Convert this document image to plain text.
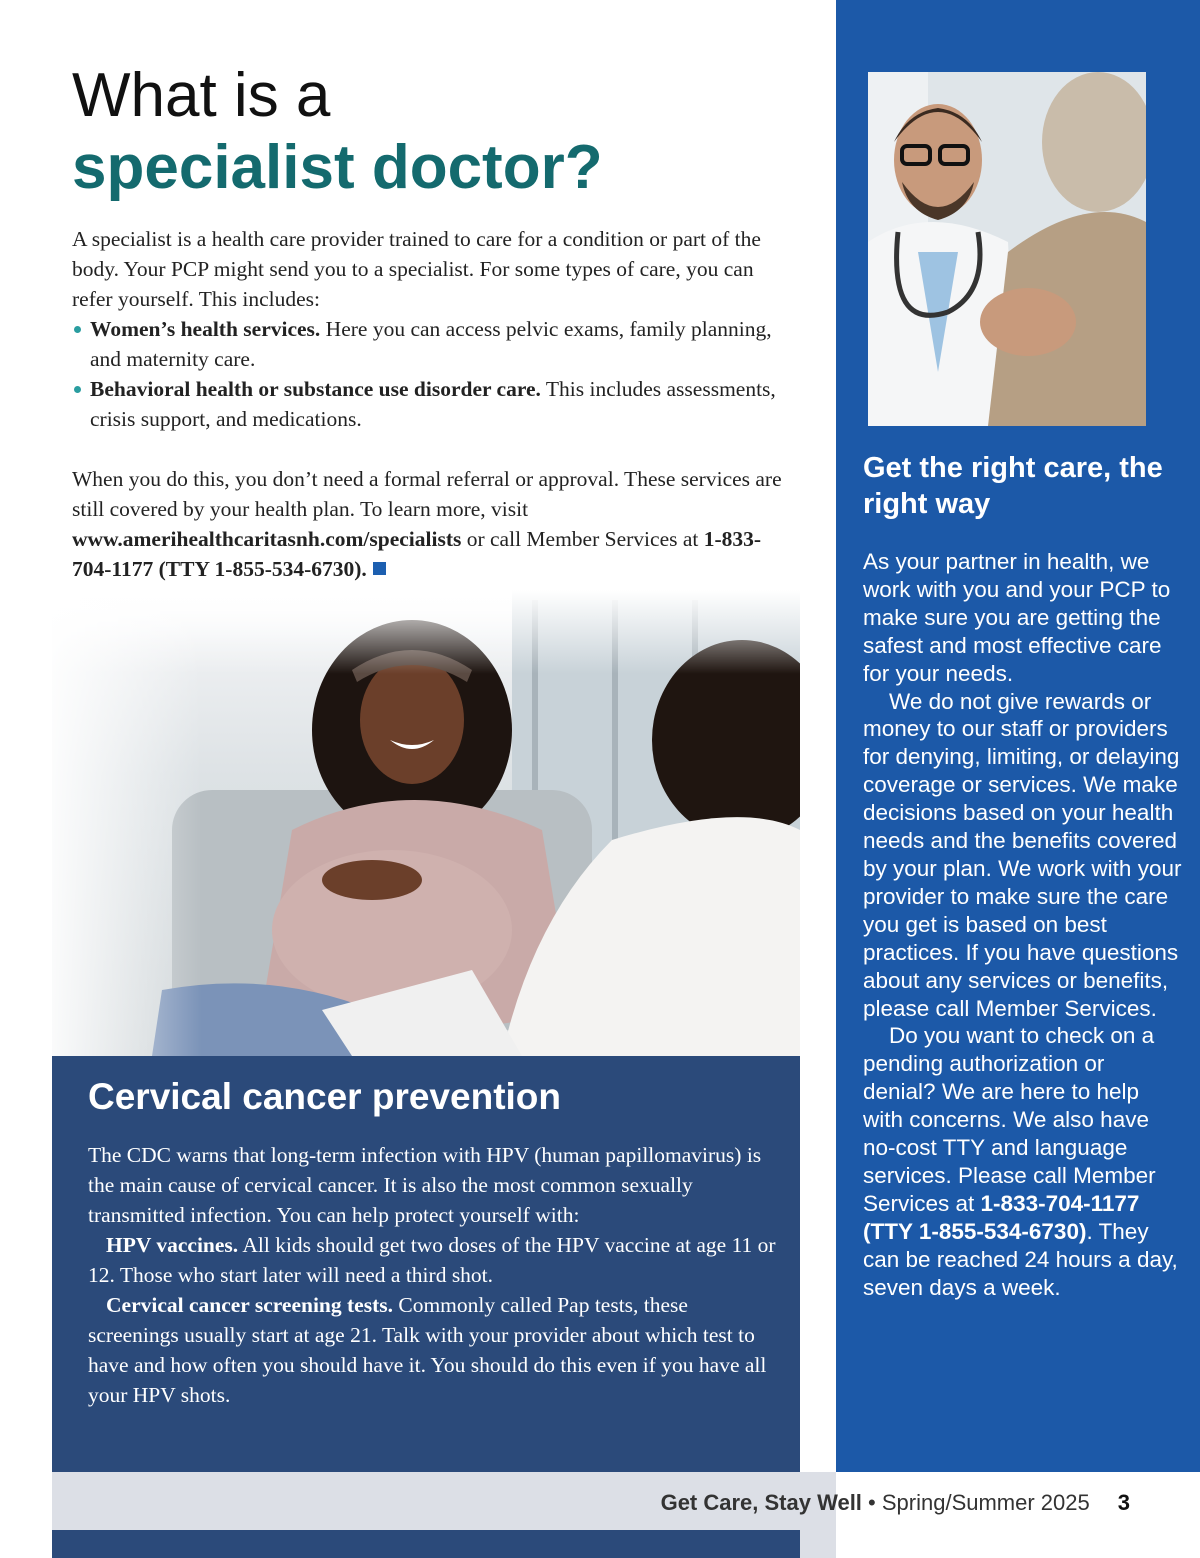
What is a
specialist doctor?

A specialist is a health care provider trained to care for a condition or part of the body. Your PCP might send you to a specialist. For some types of care, you can refer yourself. This includes:

Women’s health services. Here you can access pelvic exams, family planning, and maternity care.
Behavioral health or substance use disorder care. This includes assessments, crisis support, and medications.

When you do this, you don’t need a formal referral or approval. These services are still covered by your health plan. To learn more, visit www.amerihealthcaritasnh.com/specialists or call Member Services at 1-833-704-1177 (TTY 1-855-534-6730).

Cervical cancer prevention

The CDC warns that long-term infection with HPV (human papillomavirus) is the main cause of cervical cancer. It is also the most common sexually transmitted infection. You can help protect yourself with:

HPV vaccines. All kids should get two doses of the HPV vaccine at age 11 or 12. Those who start later will need a third shot.

Cervical cancer screening tests. Commonly called Pap tests, these screenings usually start at age 21. Talk with your provider about which test to have and how often you should have it. You should do this even if you have all your HPV shots.

Get the right care, the right way

As your partner in health, we work with you and your PCP to make sure you are getting the safest and most effective care for your needs.

We do not give rewards or money to our staff or providers for denying, limiting, or delaying coverage or services. We make decisions based on your health needs and the benefits covered by your plan. We work with your provider to make sure the care you get is based on best practices. If you have questions about any services or benefits, please call Member Services.

Do you want to check on a pending authorization or denial? We are here to help with concerns. We also have no-cost TTY and language services. Please call Member Services at 1-833-704-1177 (TTY 1-855-534-6730). They can be reached 24 hours a day, seven days a week.

Get Care, Stay Well • Spring/Summer 2025 3
